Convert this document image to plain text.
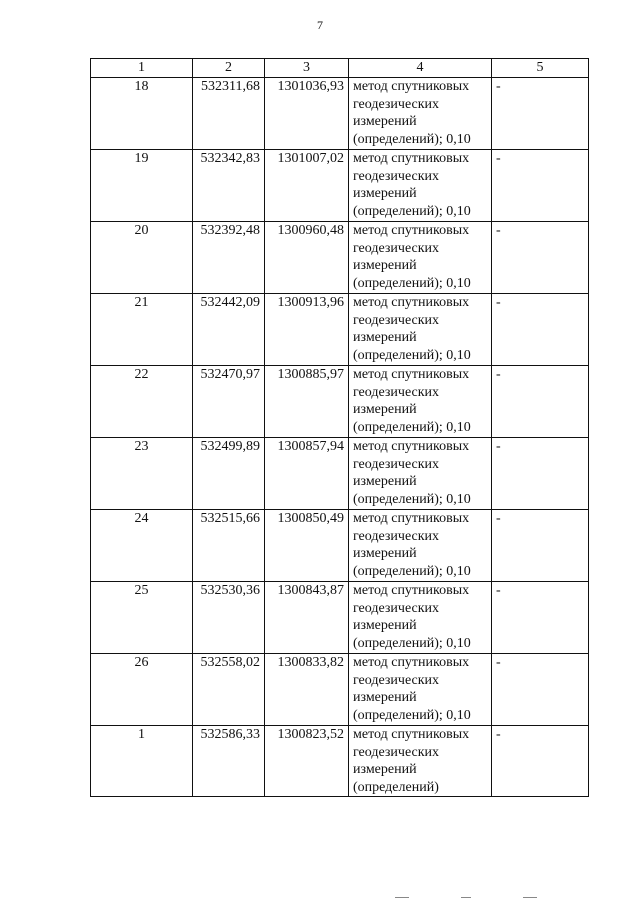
7
1	2	3	4	5
18	532311,68	1301036,93	метод спутниковых
геодезических
измерений
(определений); 0,10	-
19	532342,83	1301007,02	метод спутниковых
геодезических
измерений
(определений); 0,10	-
20	532392,48	1300960,48	метод спутниковых
геодезических
измерений
(определений); 0,10	-
21	532442,09	1300913,96	метод спутниковых
геодезических
измерений
(определений); 0,10	-
22	532470,97	1300885,97	метод спутниковых
геодезических
измерений
(определений); 0,10	-
23	532499,89	1300857,94	метод спутниковых
геодезических
измерений
(определений); 0,10	-
24	532515,66	1300850,49	метод спутниковых
геодезических
измерений
(определений); 0,10	-
25	532530,36	1300843,87	метод спутниковых
геодезических
измерений
(определений); 0,10	-
26	532558,02	1300833,82	метод спутниковых
геодезических
измерений
(определений); 0,10	-
1	532586,33	1300823,52	метод спутниковых
геодезических
измерений
(определений)	-
